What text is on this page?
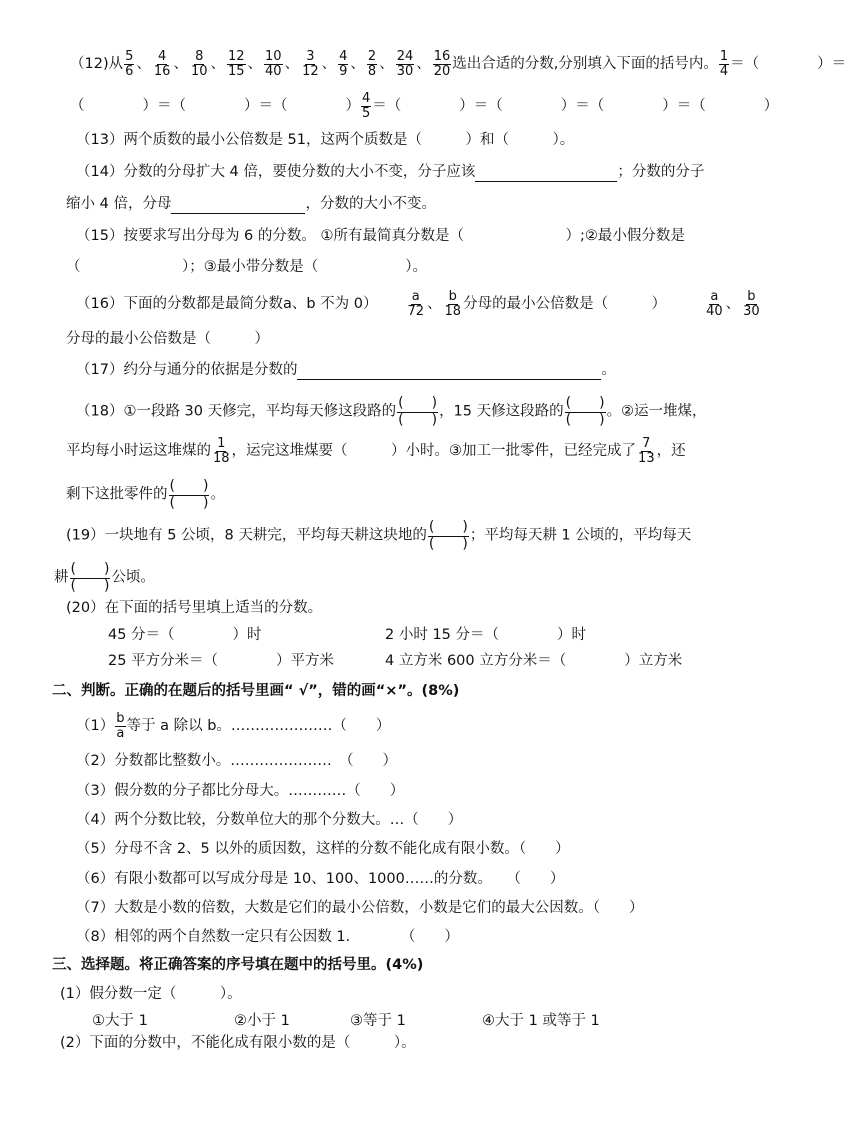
（12)从 $\frac{5}{6}$ 、 $\frac{4}{16}$ 、 $\frac{8}{10}$ 、 $\frac{12}{15}$ 、 $\frac{10}{40}$ 、 $\frac{3}{12}$ 、 $\frac{4}{9}$ 、 $\frac{2}{8}$ 、 $\frac{24}{30}$ 、 $\frac{16}{20}$ 选出合适的分数,分别填入下面的括号内。 $\frac{1}{4}$ ＝（　　　　）＝
（　　　　）＝（　　　　）＝（　　　　） $\frac{4}{5}$ ＝（　　　　）＝（　　　　）＝（　　　　）＝（　　　　）
（13）两个质数的最小公倍数是 51，这两个质数是（　　　）和（　　　）。
（14）分数的分母扩大 4 倍，要使分数的大小不变，分子应该	；分数的分子
缩小 4 倍，分母	，分数的大小不变。
（15）按要求写出分母为 6 的分数。 ①所有最简真分数是（　　　　　　　）;②最小假分数是
（　　　　　　　）；③最小带分数是（　　　　　　）。
（16）下面的分数都是最简分数a、b 不为 $0) \frac{a}{72}$ 、 $\frac{b}{18}$ 分母的最小公倍数是（　　　）	$\frac{a}{40}$ 、 $\frac{b}{30}$
分母的最小公倍数是（　　　）
（17）约分与通分的依据是分数的	。
（18）①一段路 30 天修完，平均每天修这段路的 $\frac{( )}{( )}$ ，15 天修这段路的 $\frac{( )}{( )}$ 。②运一堆煤，
平均每小时运这堆煤的 $\frac{1}{18}$ ，运完这堆煤要（　　　）小时。③加工一批零件，已经完成了 $\frac{7}{13}$ ，还
剩下这批零件的 $\frac{( )}{( )}$ 。
(19）一块地有 5 公顷，8 天耕完，平均每天耕这块地的 $\frac{( )}{( )}$ ；平均每天耕 1 公顷的，平均每天
耕 $\frac{( )}{( )}$ 公顷。
(20）在下面的括号里填上适当的分数。
45 分＝（　　　　）时	2 小时 15 分＝（　　　　）时
25 平方分米＝（　　　　）平方米	4 立方米 600 立方分米＝（　　　　）立方米
二、判断。正确的在题后的括号里画“ √”，错的画“×”。(8%)
$(1) \frac{b}{a}$ 等于 a 除以 b。…………………（　　）
（2）分数都比整数小。…………………　（　　）
（3）假分数的分子都比分母大。…………（　　）
（4）两个分数比较，分数单位大的那个分数大。…（　　）
（5）分母不含 2、5 以外的质因数，这样的分数不能化成有限小数。（　　）
（6）有限小数都可以写成分母是 10、100、1000……的分数。　　（　　）
（7）大数是小数的倍数，大数是它们的最小公倍数，小数是它们的最大公因数。（　　）
（8）相邻的两个自然数一定只有公因数 1.　　　　（　　）
三、选择题。将正确答案的序号填在题中的括号里。(4%)
(1）假分数一定（　　　）。
①大于 1	②小于 1	③等于 1	④大于 1 或等于 1
(2）下面的分数中，不能化成有限小数的是（　　　）。
